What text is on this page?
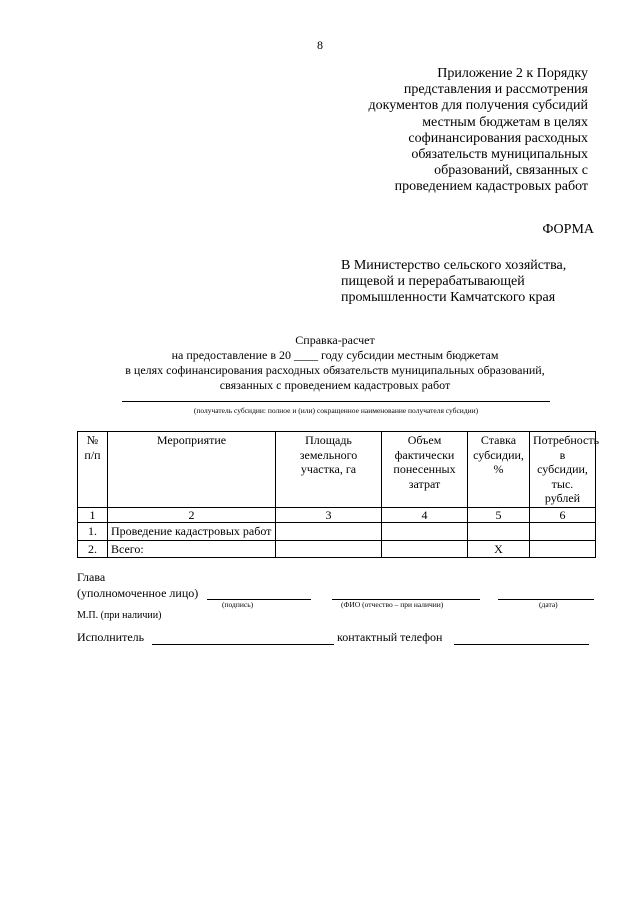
8
Приложение 2 к Порядку
представления и рассмотрения
документов для получения субсидий
местным бюджетам в целях
софинансирования расходных
обязательств муниципальных
образований, связанных с
проведением кадастровых работ
ФОРМА
В Министерство сельского хозяйства,
пищевой и перерабатывающей
промышленности Камчатского края
Справка-расчет
на предоставление в 20 ____ году субсидии местным бюджетам
в целях софинансирования расходных обязательств муниципальных образований,
связанных с проведением кадастровых работ
(получатель субсидии: полное и (или) сокращенное наименование получателя субсидии)
№ п/п	Мероприятие	Площадь земельного участка, га	Объем фактически понесенных затрат	Ставка субсидии, %	Потребность в субсидии, тыс. рублей
1	2	3	4	5	6
1.	Проведение кадастровых работ				
2.	Всего:			Х	
Глава
(уполномоченное лицо)
(подпись)	(ФИО (отчество – при наличии)	(дата)
М.П. (при наличии)
Исполнитель	контактный телефон
